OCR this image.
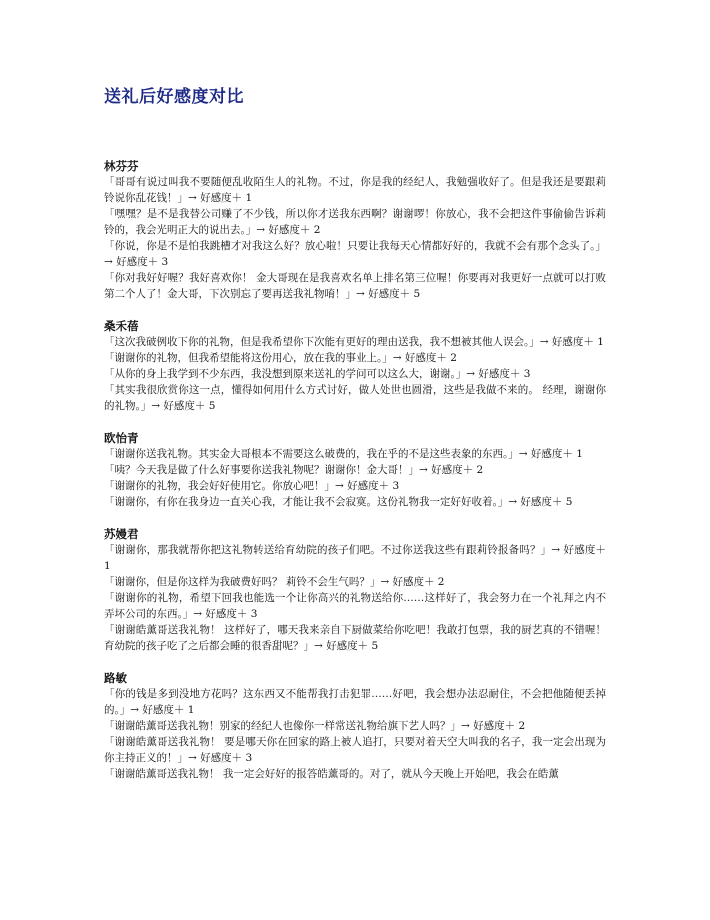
送礼后好感度对比

林芬芬

「哥哥有说过叫我不要随便乱收陌生人的礼物。不过，你是我的经纪人，我勉强收好了。但是我还是要跟莉铃说你乱花钱！」→ 好感度＋ 1

「嘿嘿？是不是我替公司赚了不少钱，所以你才送我东西啊？谢谢啰！你放心，我不会把这件事偷偷告诉莉铃的，我会光明正大的说出去。」→ 好感度＋ 2

「你说，你是不是怕我跳槽才对我这么好？放心啦！只要让我每天心情都好好的，我就不会有那个念头了。」→ 好感度＋ 3

「你对我好好喔？我好喜欢你！ 金大哥现在是我喜欢名单上排名第三位喔！你要再对我更好一点就可以打败第二个人了！金大哥，下次别忘了要再送我礼物唷！」→ 好感度＋ 5

桑禾蓓

「这次我破例收下你的礼物，但是我希望你下次能有更好的理由送我，我不想被其他人误会。」→ 好感度＋ 1

「谢谢你的礼物，但我希望能将这份用心，放在我的事业上。」→ 好感度＋ 2

「从你的身上我学到不少东西，我没想到原来送礼的学问可以这么大，谢谢。」→ 好感度＋ 3

「其实我很欣赏你这一点，懂得如何用什么方式讨好，做人处世也圆滑，这些是我做不来的。 经理，谢谢你的礼物。」→ 好感度＋ 5

欧怡青

「谢谢你送我礼物。其实金大哥根本不需要这么破费的，我在乎的不是这些表象的东西。」→ 好感度＋ 1

「咦？今天我是做了什么好事要你送我礼物呢？谢谢你！金大哥！」→ 好感度＋ 2

「谢谢你的礼物，我会好好使用它。你放心吧！」→ 好感度＋ 3

「谢谢你，有你在我身边一直关心我，才能让我不会寂寞。这份礼物我一定好好收着。」→ 好感度＋ 5

苏嫚君

「谢谢你，那我就帮你把这礼物转送给育幼院的孩子们吧。不过你送我这些有跟莉铃报备吗？」→ 好感度＋ 1

「谢谢你，但是你这样为我破费好吗？ 莉铃不会生气吗？」→ 好感度＋ 2

「谢谢你的礼物，希望下回我也能选一个让你高兴的礼物送给你……这样好了，我会努力在一个礼拜之内不弄坏公司的东西。」→ 好感度＋ 3

「谢谢皓薰哥送我礼物！ 这样好了，哪天我来亲自下厨做菜给你吃吧！我敢打包票，我的厨艺真的不错喔！育幼院的孩子吃了之后都会睡的很香甜呢？」→ 好感度＋ 5

路敏

「你的钱是多到没地方花吗？这东西又不能帮我打击犯罪……好吧，我会想办法忍耐住，不会把他随便丢掉的。」→ 好感度＋ 1

「谢谢皓薰哥送我礼物！别家的经纪人也像你一样常送礼物给旗下艺人吗？」→ 好感度＋ 2

「谢谢皓薰哥送我礼物！ 要是哪天你在回家的路上被人追打，只要对着天空大叫我的名子，我一定会出现为你主持正义的！」→ 好感度＋ 3

「谢谢皓薰哥送我礼物！ 我一定会好好的报答皓薰哥的。对了，就从今天晚上开始吧，我会在皓薰
